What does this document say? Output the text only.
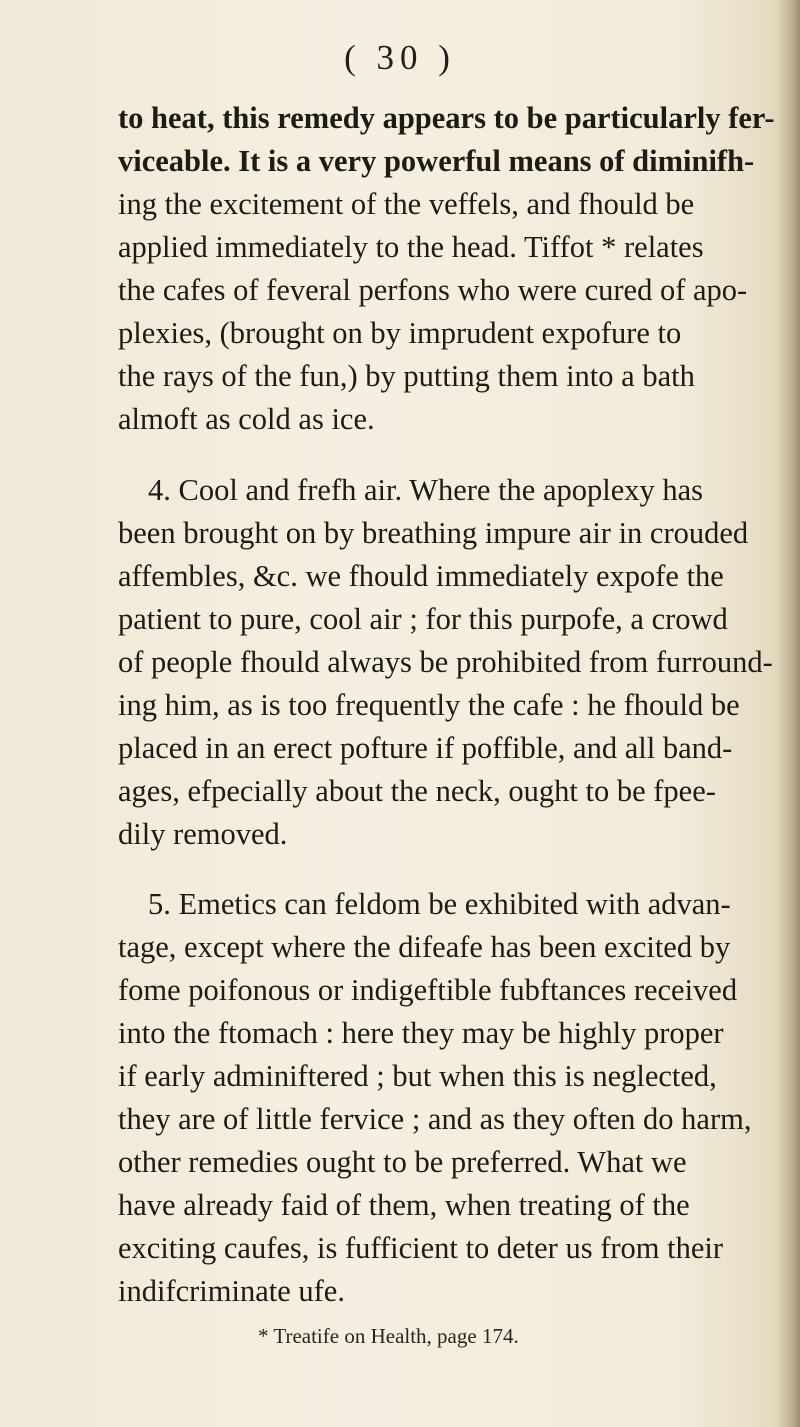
( 30 )
to heat, this remedy appears to be particularly fer-
viceable. It is a very powerful means of diminifh-
ing the excitement of the veffels, and fhould be
applied immediately to the head. Tiffot * relates
the cafes of feveral perfons who were cured of apo-
plexies, (brought on by imprudent expofure to
the rays of the fun,) by putting them into a bath
almoft as cold as ice.
4. Cool and frefh air. Where the apoplexy has
been brought on by breathing impure air in crouded
affembles, &c. we fhould immediately expofe the
patient to pure, cool air ; for this purpofe, a crowd
of people fhould always be prohibited from furround-
ing him, as is too frequently the cafe : he fhould be
placed in an erect pofture if poffible, and all band-
ages, efpecially about the neck, ought to be fpee-
dily removed.
5. Emetics can feldom be exhibited with advan-
tage, except where the difeafe has been excited by
fome poifonous or indigeftible fubftances received
into the ftomach : here they may be highly proper
if early adminiftered ; but when this is neglected,
they are of little fervice ; and as they often do harm,
other remedies ought to be preferred. What we
have already faid of them, when treating of the
exciting caufes, is fufficient to deter us from their
indifcriminate ufe.
* Treatife on Health, page 174.
